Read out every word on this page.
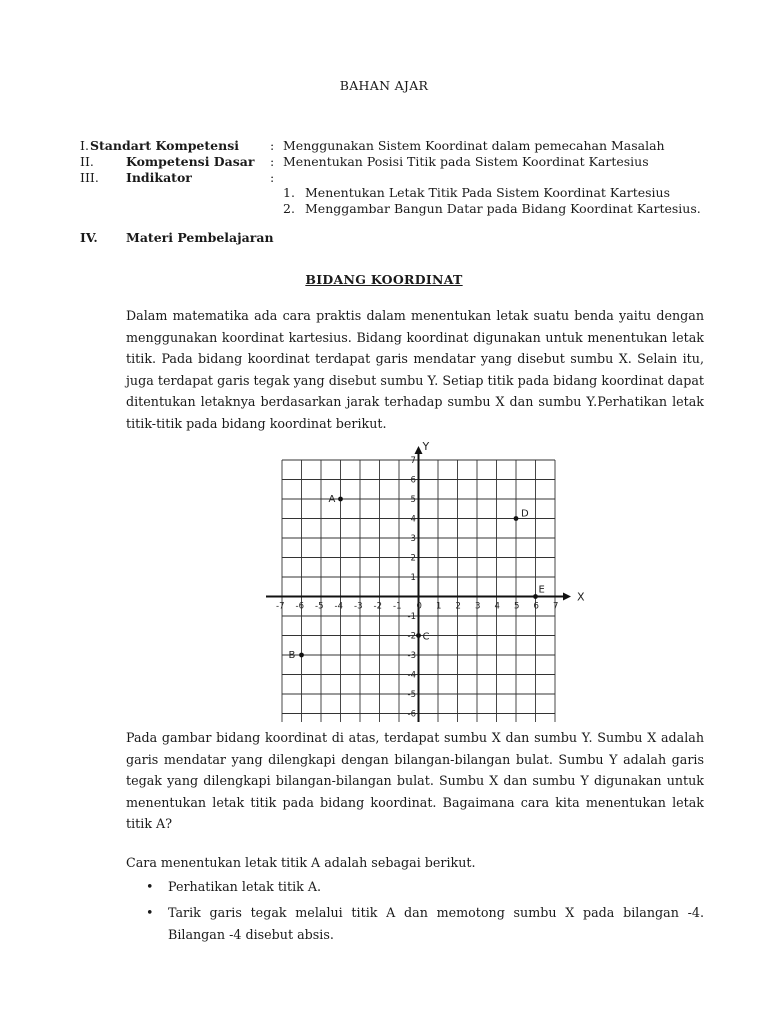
BAHAN AJAR
I. Standart Kompetensi : Menggunakan Sistem Koordinat dalam pemecahan Masalah
II.	Kompetensi Dasar : Menentukan Posisi Titik pada Sistem Koordinat Kartesius
III. Indikator	:
1. Menentukan Letak Titik Pada Sistem Koordinat Kartesius
2. Menggambar Bangun Datar pada Bidang Koordinat Kartesius.
IV. Materi Pembelajaran
BIDANG KOORDINAT

Dalam matematika ada cara praktis dalam menentukan letak suatu benda yaitu dengan menggunakan koordinat kartesius. Bidang koordinat digunakan untuk menentukan letak titik. Pada bidang koordinat terdapat garis mendatar yang disebut sumbu X. Selain itu, juga terdapat garis tegak yang disebut sumbu Y. Setiap titik pada bidang koordinat dapat ditentukan letaknya berdasarkan jarak terhadap sumbu X dan sumbu Y.Perhatikan letak titik-titik pada bidang koordinat berikut.

X
Y
-7 -6 -5 -4 -3 -2 -1 0 1 2 3 4 5 6 7
7
6
5
4
3
2
1
-1
-2
-3
-4
-5
-6
A
B
C
D
E

Pada gambar bidang koordinat di atas, terdapat sumbu X dan sumbu Y. Sumbu X adalah garis mendatar yang dilengkapi dengan bilangan-bilangan bulat. Sumbu Y adalah garis tegak yang dilengkapi bilangan-bilangan bulat. Sumbu X dan sumbu Y digunakan untuk menentukan letak titik pada bidang koordinat. Bagaimana cara kita menentukan letak titik A?

Cara menentukan letak titik A adalah sebagai berikut.

• Perhatikan letak titik A.
• Tarik garis tegak melalui titik A dan memotong sumbu X pada bilangan -4. Bilangan -4 disebut absis.
